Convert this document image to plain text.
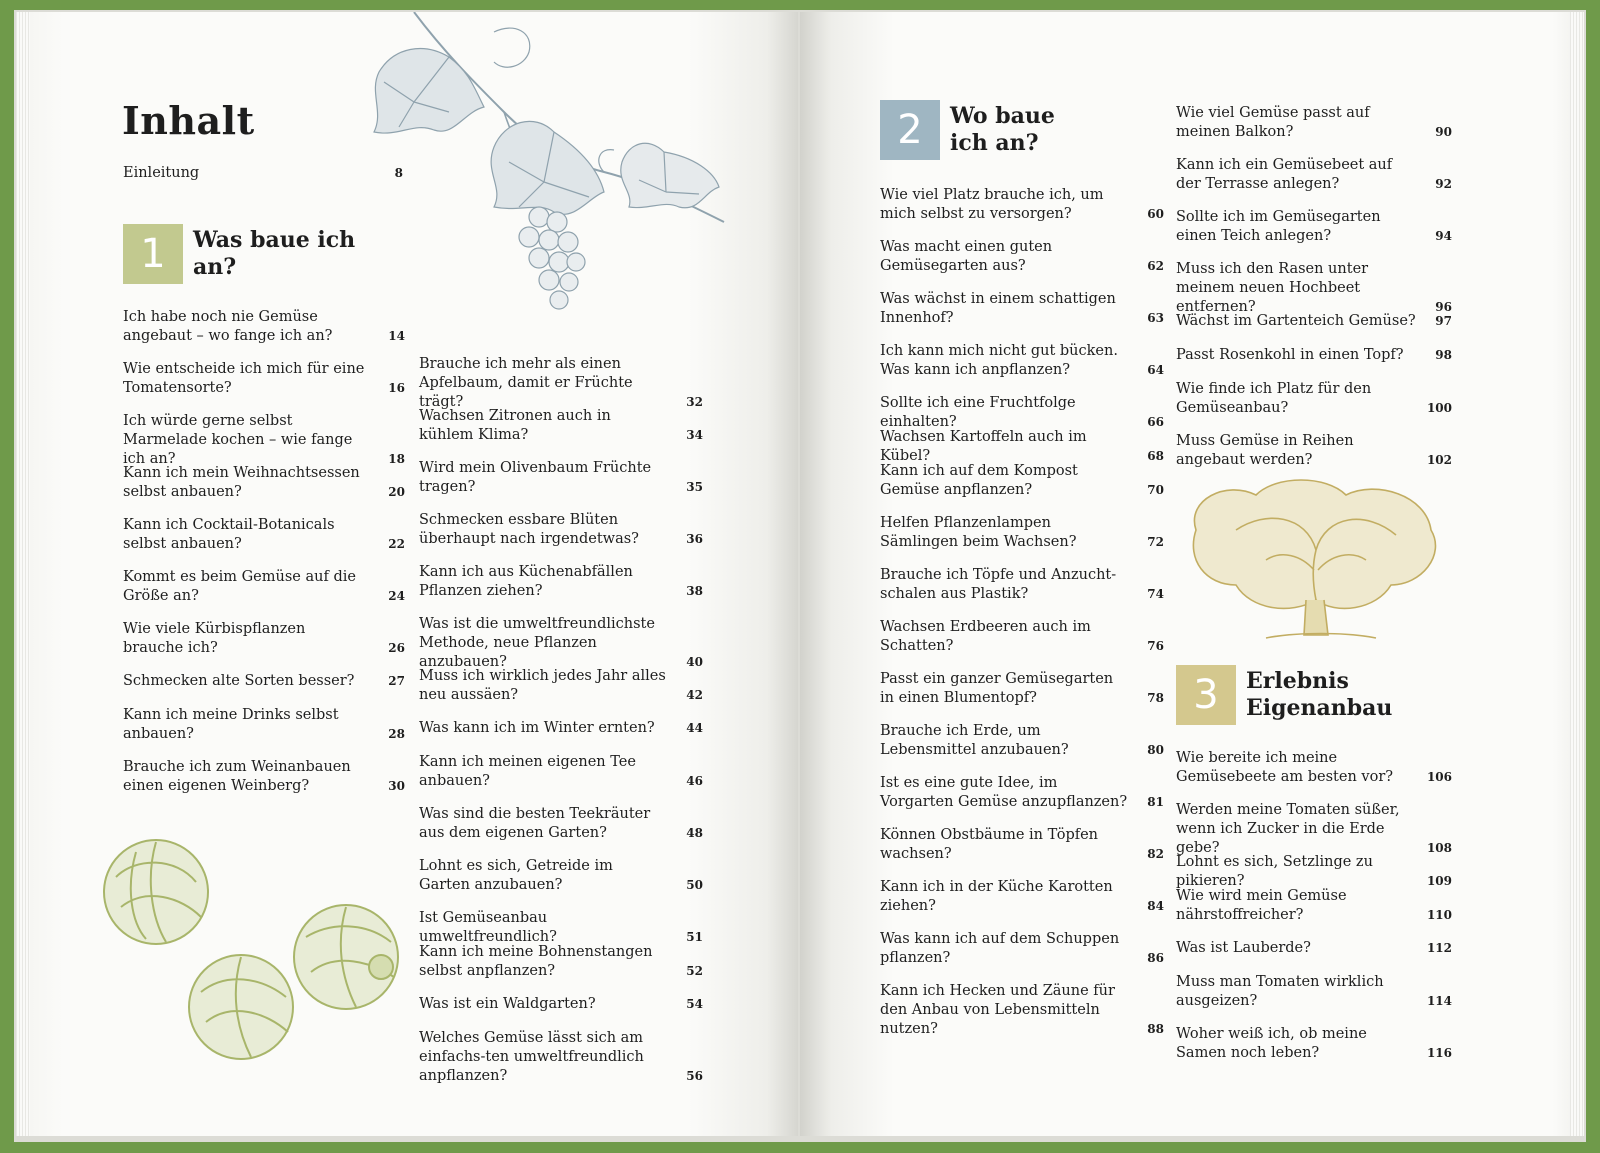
Inhalt
Einleitung	8
1	Was baue ich an?
Ich habe noch nie Gemüse angebaut – wo fange ich an?	14
Wie entscheide ich mich für eine Tomatensorte?	16
Ich würde gerne selbst Marmelade kochen – wie fange ich an?	18
Kann ich mein Weihnachtsessen selbst anbauen?	20
Kann ich Cocktail-Botanicals selbst anbauen?	22
Kommt es beim Gemüse auf die Größe an?	24
Wie viele Kürbispflanzen brauche ich?	26
Schmecken alte Sorten besser?	27
Kann ich meine Drinks selbst anbauen?	28
Brauche ich zum Weinanbauen einen eigenen Weinberg?	30
Brauche ich mehr als einen Apfelbaum, damit er Früchte trägt?	32
Wachsen Zitronen auch in kühlem Klima?	34
Wird mein Olivenbaum Früchte tragen?	35
Schmecken essbare Blüten überhaupt nach irgendetwas?	36
Kann ich aus Küchenabfällen Pflanzen ziehen?	38
Was ist die umweltfreundlichste Methode, neue Pflanzen anzubauen?	40
Muss ich wirklich jedes Jahr alles neu aussäen?	42
Was kann ich im Winter ernten?	44
Kann ich meinen eigenen Tee anbauen?	46
Was sind die besten Teekräuter aus dem eigenen Garten?	48
Lohnt es sich, Getreide im Garten anzubauen?	50
Ist Gemüseanbau umweltfreundlich?	51
Kann ich meine Bohnenstangen selbst anpflanzen?	52
Was ist ein Waldgarten?	54
Welches Gemüse lässt sich am einfachs-ten umweltfreundlich anpflanzen?	56
2	Wo baue ich an?
3	Erlebnis Eigenanbau
Wie viel Platz brauche ich, um mich selbst zu versorgen?	60
Was macht einen guten Gemüsegarten aus?	62
Was wächst in einem schattigen Innenhof?	63
Ich kann mich nicht gut bücken. Was kann ich anpflanzen?	64
Sollte ich eine Fruchtfolge einhalten?	66
Wachsen Kartoffeln auch im Kübel?	68
Kann ich auf dem Kompost Gemüse anpflanzen?	70
Helfen Pflanzenlampen Sämlingen beim Wachsen?	72
Brauche ich Töpfe und Anzucht-schalen aus Plastik?	74
Wachsen Erdbeeren auch im Schatten?	76
Passt ein ganzer Gemüsegarten in einen Blumentopf?	78
Brauche ich Erde, um Lebensmittel anzubauen?	80
Ist es eine gute Idee, im Vorgarten Gemüse anzupflanzen? 81
Können Obstbäume in Töpfen wachsen?	82
Kann ich in der Küche Karotten ziehen?	84
Was kann ich auf dem Schuppen pflanzen?	86
Kann ich Hecken und Zäune für den Anbau von Lebensmitteln nutzen?	88
Wie viel Gemüse passt auf meinen Balkon?	90
Kann ich ein Gemüsebeet auf der Terrasse anlegen?	92
Sollte ich im Gemüsegarten einen Teich anlegen?	94
Muss ich den Rasen unter meinem neuen Hochbeet entfernen?	96
Wächst im Gartenteich Gemüse? 97
Passt Rosenkohl in einen Topf?	98
Wie finde ich Platz für den Gemüseanbau?	100
Muss Gemüse in Reihen angebaut werden?	102
Wie bereite ich meine Gemüsebeete am besten vor?	106
Werden meine Tomaten süßer, wenn ich Zucker in die Erde gebe?	108
Lohnt es sich, Setzlinge zu pikieren?	109
Wie wird mein Gemüse nährstoffreicher?	110
Was ist Lauberde?	112
Muss man Tomaten wirklich ausgeizen?	114
Woher weiß ich, ob meine Samen noch leben?	116
